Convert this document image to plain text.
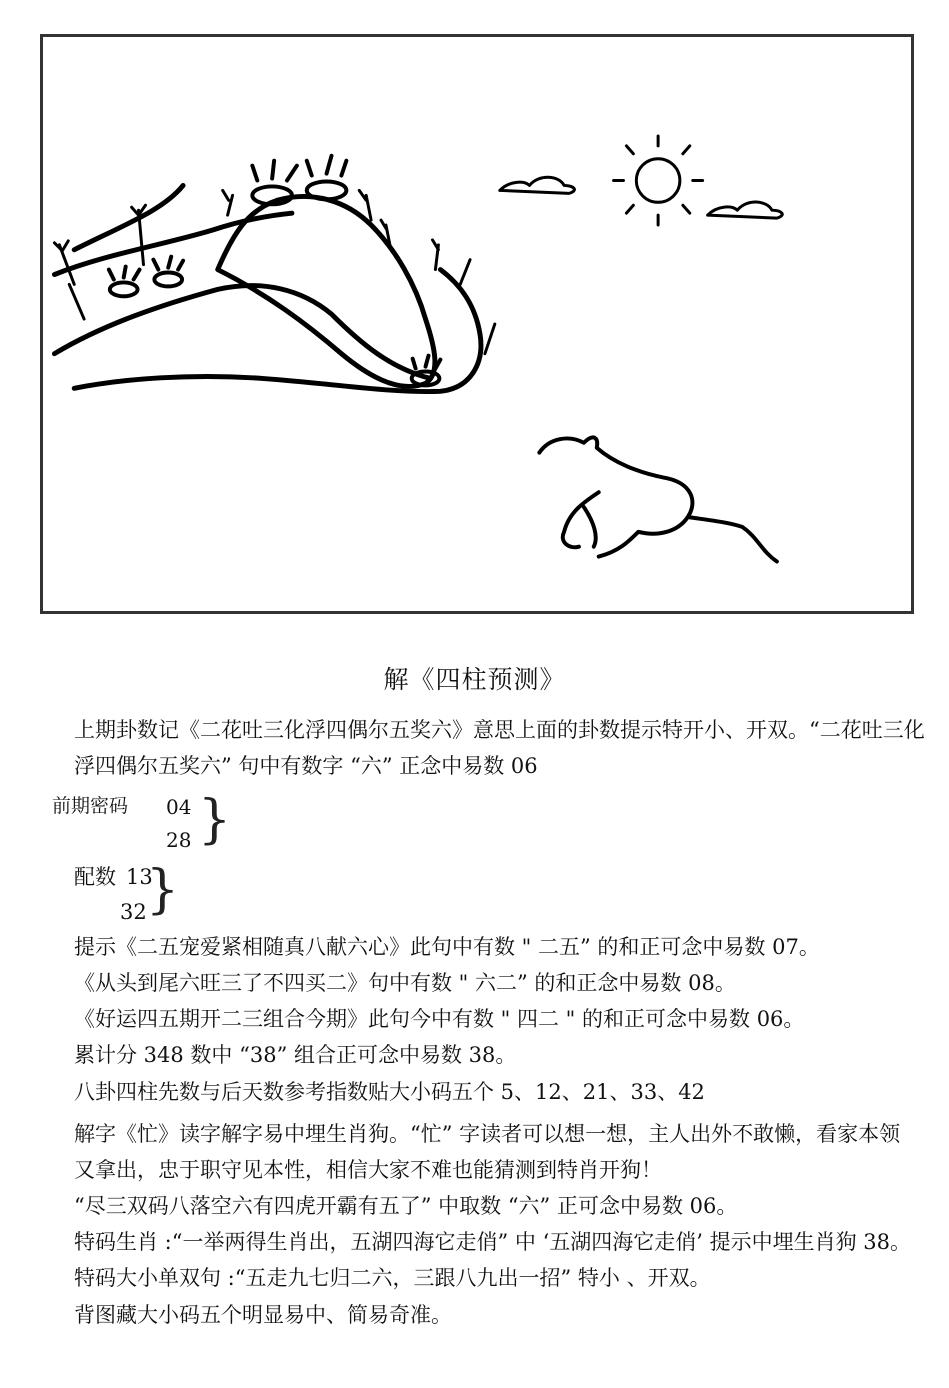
解《四柱预测》
上期卦数记《二花吐三化浮四偶尔五奖六》意思上面的卦数提示特开小、开双。“二花吐三化
浮四偶尔五奖六” 句中有数字 “六” 正念中易数 06
前期密码 04
28 }
配数 13
32 }
提示《二五宠爱紧相随真八献六心》此句中有数 " 二五” 的和正可念中易数 07。
《从头到尾六旺三了不四买二》句中有数 " 六二” 的和正念中易数 08。
《好运四五期开二三组合今期》此句今中有数 " 四二 " 的和正可念中易数 06。
累计分 348 数中 “38” 组合正可念中易数 38。
八卦四柱先数与后天数参考指数贴大小码五个 5、12、21、33、42
解字《忙》读字解字易中埋生肖狗。“忙” 字读者可以想一想，主人出外不敢懒，看家本领
又拿出，忠于职守见本性，相信大家不难也能猜测到特肖开狗！
“尽三双码八落空六有四虎开霸有五了” 中取数 “六” 正可念中易数 06。
特码生肖 :“一举两得生肖出，五湖四海它走俏” 中 ‘五湖四海它走俏’ 提示中埋生肖狗 38。
特码大小单双句 :“五走九七归二六，三跟八九出一招” 特小 、开双。
背图藏大小码五个明显易中、简易奇准。
